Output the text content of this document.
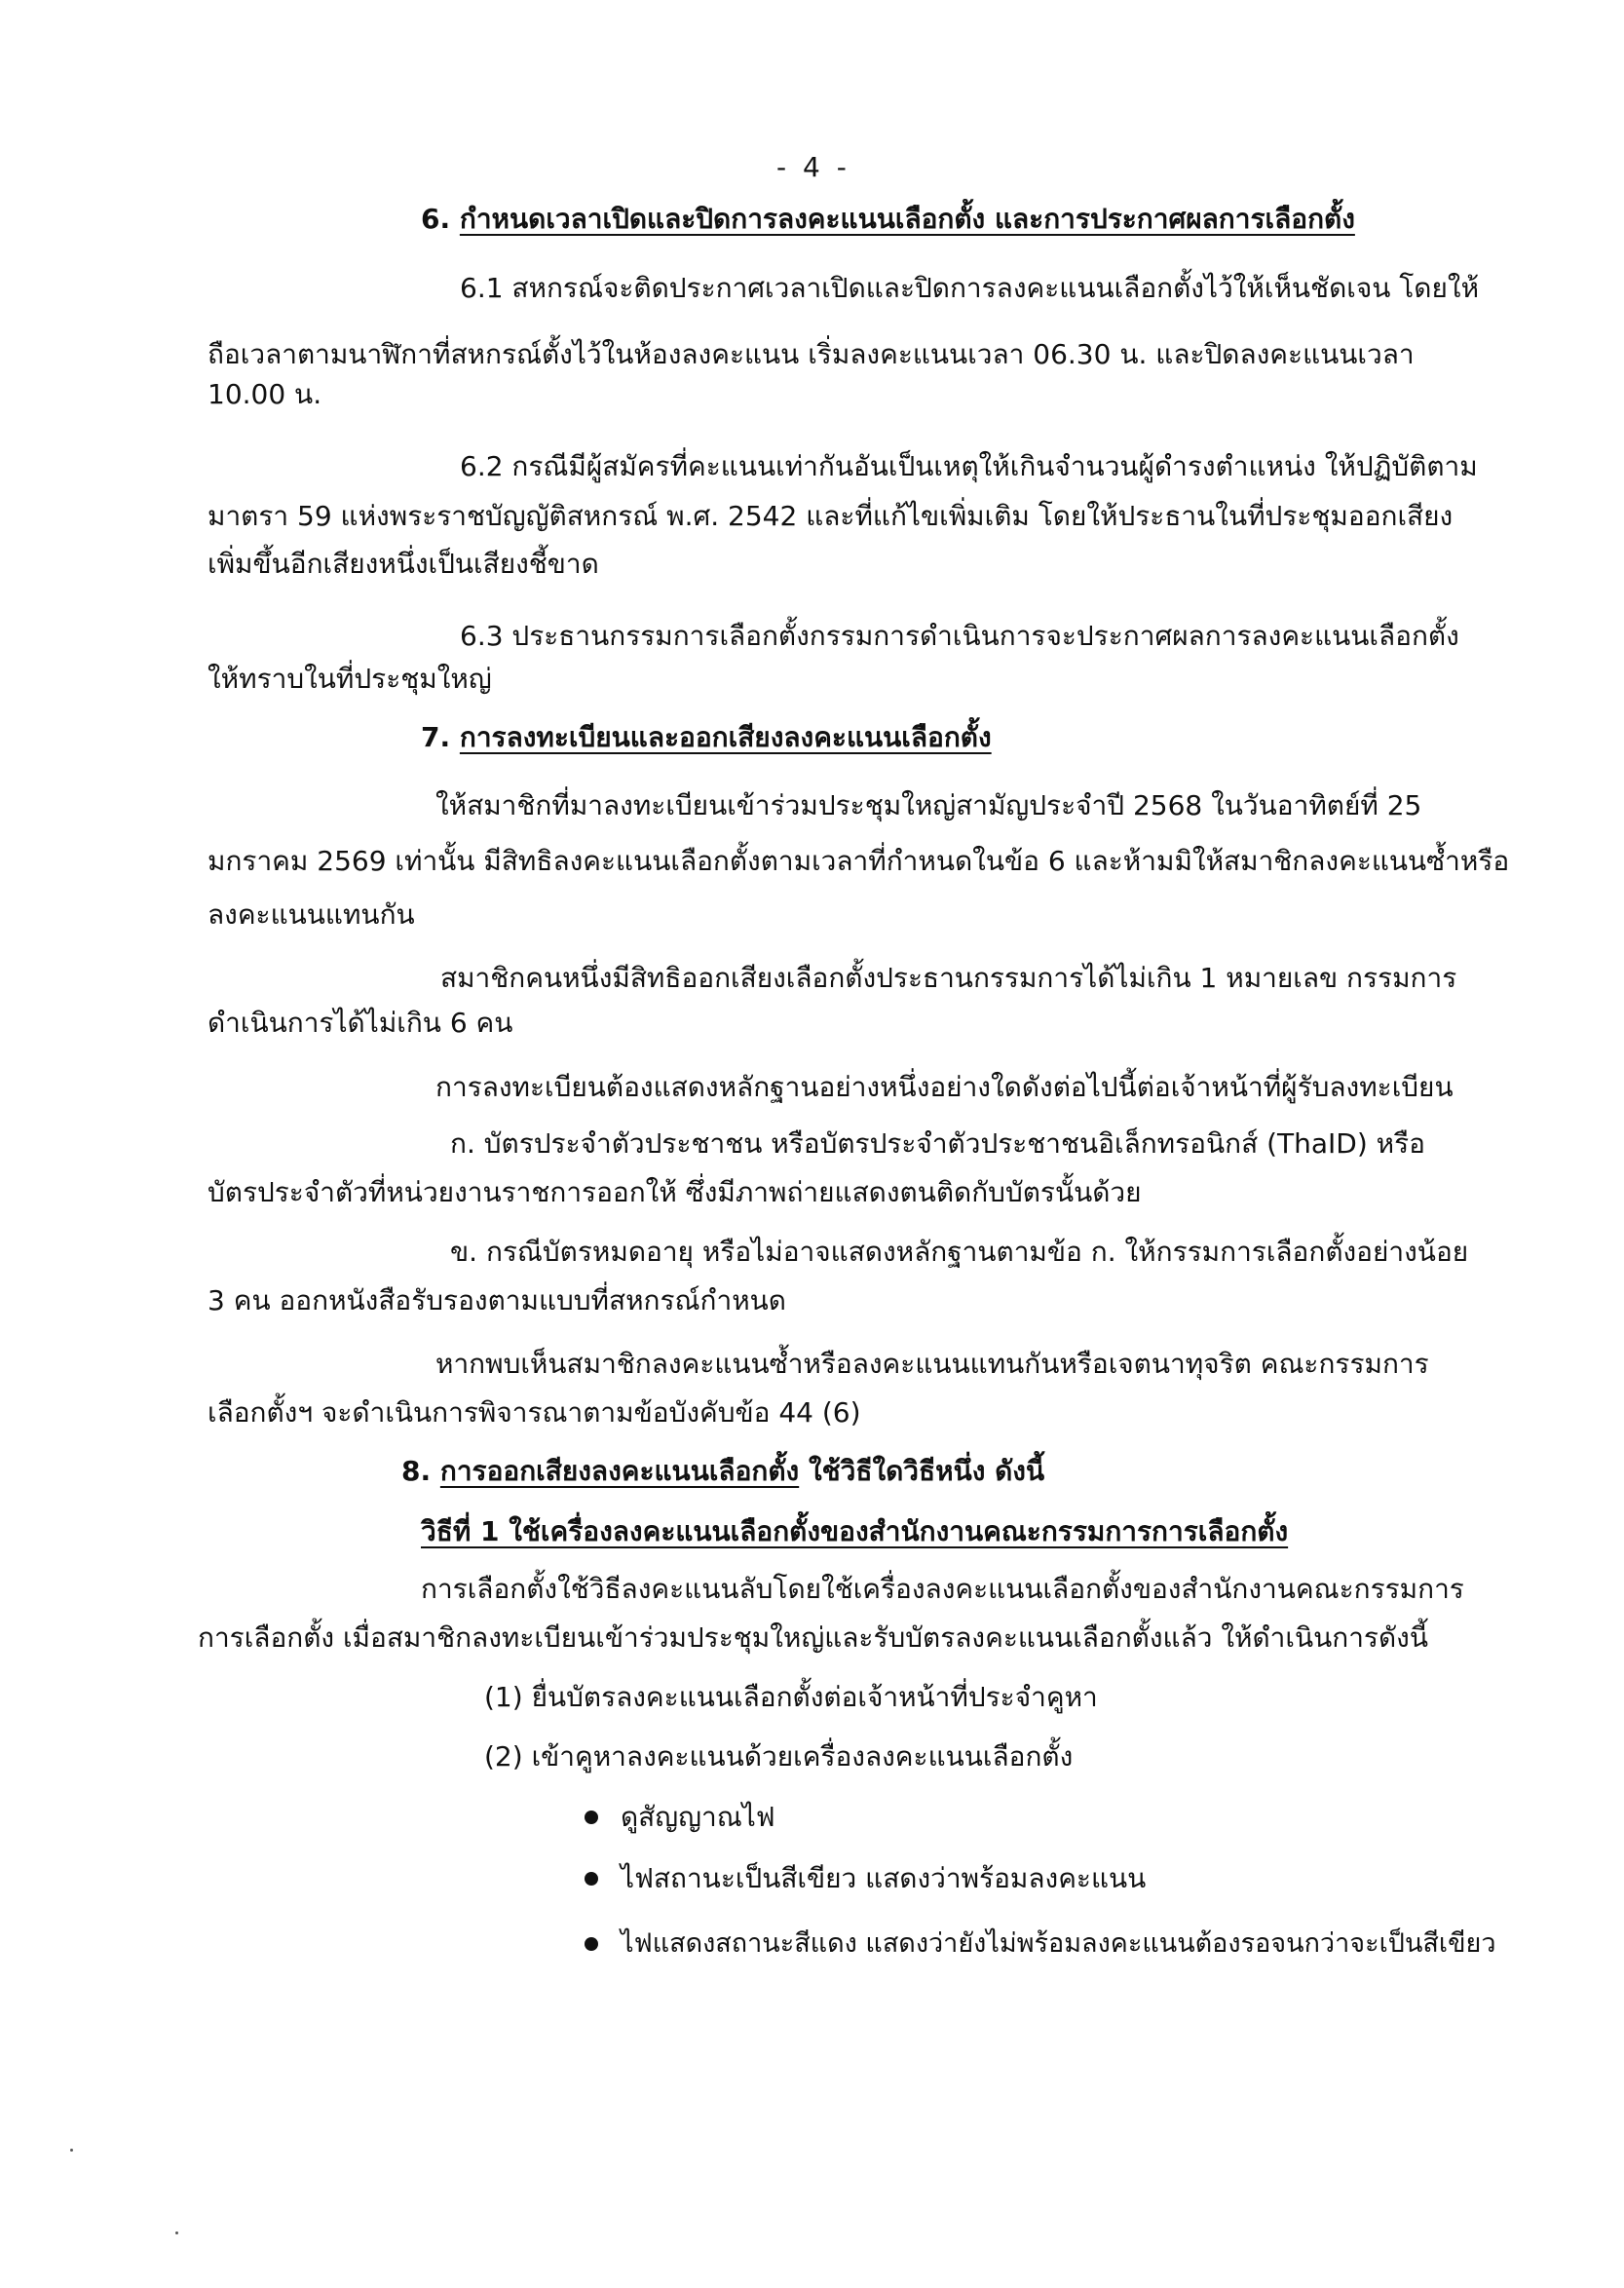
- 4 -
6. กำหนดเวลาเปิดและปิดการลงคะแนนเลือกตั้ง และการประกาศผลการเลือกตั้ง
6.1 สหกรณ์จะติดประกาศเวลาเปิดและปิดการลงคะแนนเลือกตั้งไว้ให้เห็นชัดเจน โดยให้
ถือเวลาตามนาฬิกาที่สหกรณ์ตั้งไว้ในห้องลงคะแนน เริ่มลงคะแนนเวลา 06.30 น. และปิดลงคะแนนเวลา
10.00 น.
6.2 กรณีมีผู้สมัครที่คะแนนเท่ากันอันเป็นเหตุให้เกินจำนวนผู้ดำรงตำแหน่ง ให้ปฏิบัติตาม
มาตรา 59 แห่งพระราชบัญญัติสหกรณ์ พ.ศ. 2542 และที่แก้ไขเพิ่มเติม โดยให้ประธานในที่ประชุมออกเสียง
เพิ่มขึ้นอีกเสียงหนึ่งเป็นเสียงชี้ขาด
6.3 ประธานกรรมการเลือกตั้งกรรมการดำเนินการจะประกาศผลการลงคะแนนเลือกตั้ง
ให้ทราบในที่ประชุมใหญ่
7. การลงทะเบียนและออกเสียงลงคะแนนเลือกตั้ง
ให้สมาชิกที่มาลงทะเบียนเข้าร่วมประชุมใหญ่สามัญประจำปี 2568 ในวันอาทิตย์ที่ 25
มกราคม 2569 เท่านั้น มีสิทธิลงคะแนนเลือกตั้งตามเวลาที่กำหนดในข้อ 6 และห้ามมิให้สมาชิกลงคะแนนซ้ำหรือ
ลงคะแนนแทนกัน
สมาชิกคนหนึ่งมีสิทธิออกเสียงเลือกตั้งประธานกรรมการได้ไม่เกิน 1 หมายเลข กรรมการ
ดำเนินการได้ไม่เกิน 6 คน
การลงทะเบียนต้องแสดงหลักฐานอย่างหนึ่งอย่างใดดังต่อไปนี้ต่อเจ้าหน้าที่ผู้รับลงทะเบียน
ก. บัตรประจำตัวประชาชน หรือบัตรประจำตัวประชาชนอิเล็กทรอนิกส์ (ThaID) หรือ
บัตรประจำตัวที่หน่วยงานราชการออกให้ ซึ่งมีภาพถ่ายแสดงตนติดกับบัตรนั้นด้วย
ข. กรณีบัตรหมดอายุ หรือไม่อาจแสดงหลักฐานตามข้อ ก. ให้กรรมการเลือกตั้งอย่างน้อย
3 คน ออกหนังสือรับรองตามแบบที่สหกรณ์กำหนด
หากพบเห็นสมาชิกลงคะแนนซ้ำหรือลงคะแนนแทนกันหรือเจตนาทุจริต คณะกรรมการ
เลือกตั้งฯ จะดำเนินการพิจารณาตามข้อบังคับข้อ 44 (6)
8. การออกเสียงลงคะแนนเลือกตั้ง ใช้วิธีใดวิธีหนึ่ง ดังนี้
วิธีที่ 1 ใช้เครื่องลงคะแนนเลือกตั้งของสำนักงานคณะกรรมการการเลือกตั้ง
การเลือกตั้งใช้วิธีลงคะแนนลับโดยใช้เครื่องลงคะแนนเลือกตั้งของสำนักงานคณะกรรมการ
การเลือกตั้ง เมื่อสมาชิกลงทะเบียนเข้าร่วมประชุมใหญ่และรับบัตรลงคะแนนเลือกตั้งแล้ว ให้ดำเนินการดังนี้
(1) ยื่นบัตรลงคะแนนเลือกตั้งต่อเจ้าหน้าที่ประจำคูหา
(2) เข้าคูหาลงคะแนนด้วยเครื่องลงคะแนนเลือกตั้ง
ดูสัญญาณไฟ
ไฟสถานะเป็นสีเขียว แสดงว่าพร้อมลงคะแนน
ไฟแสดงสถานะสีแดง แสดงว่ายังไม่พร้อมลงคะแนนต้องรอจนกว่าจะเป็นสีเขียว
